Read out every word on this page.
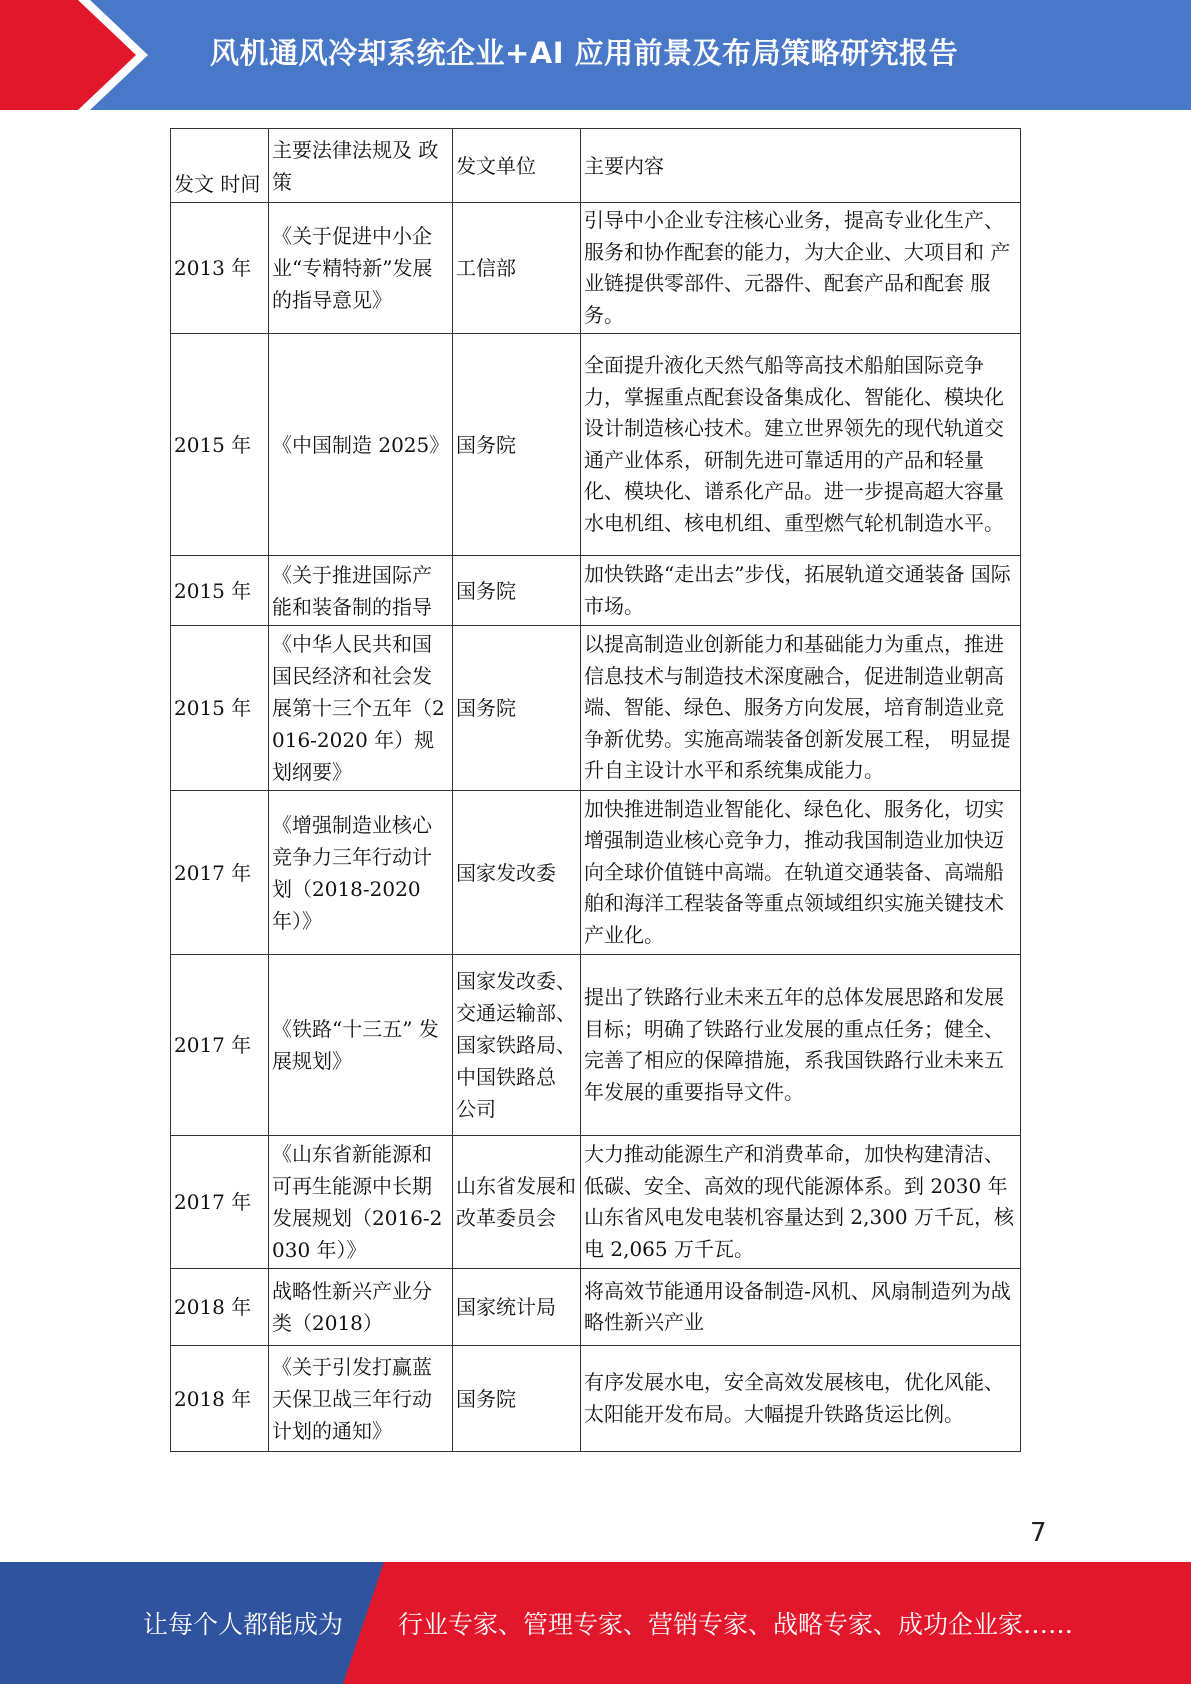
风机通风冷却系统企业+AI 应用前景及布局策略研究报告
发文 时间	主要法律法规及 政策	发文单位	主要内容
2013 年	《关于促进中小企业“专精特新”发展的指导意见》	工信部	引导中小企业专注核心业务，提高专业化生产、 服务和协作配套的能力，为大企业、大项目和 产业链提供零部件、元器件、配套产品和配套 服务。
2015 年	《中国制造 2025》	国务院	全面提升液化天然气船等高技术船舶国际竞争力，掌握重点配套设备集成化、智能化、模块化设计制造核心技术。建立世界领先的现代轨道交通产业体系，研制先进可靠适用的产品和轻量化、模块化、谱系化产品。进一步提高超大容量水电机组、核电机组、重型燃气轮机制造水平。
2015 年	《关于推进国际产能和装备制的指导	国务院	加快铁路“走出去”步伐，拓展轨道交通装备 国际市场。
2015 年	《中华人民共和国国民经济和社会发展第十三个五年（2016-2020 年）规 划纲要》	国务院	以提高制造业创新能力和基础能力为重点，推进信息技术与制造技术深度融合，促进制造业朝高端、智能、绿色、服务方向发展，培育制造业竞争新优势。实施高端装备创新发展工程， 明显提升自主设计水平和系统集成能力。
2017 年	《增强制造业核心竞争力三年行动计划（2018-2020 年）》	国家发改委	加快推进制造业智能化、绿色化、服务化，切实增强制造业核心竞争力，推动我国制造业加快迈向全球价值链中高端。在轨道交通装备、高端船舶和海洋工程装备等重点领域组织实施关键技术产业化。
2017 年	《铁路“十三五” 发展规划》	国家发改委、 交通运输部、 国家铁路局、 中国铁路总 公司	提出了铁路行业未来五年的总体发展思路和发展目标；明确了铁路行业发展的重点任务；健全、完善了相应的保障措施，系我国铁路行业未来五年发展的重要指导文件。
2017 年	《山东省新能源和可再生能源中长期发展规划（2016-2030 年）》	山东省发展和改革委员会	大力推动能源生产和消费革命，加快构建清洁、 低碳、安全、高效的现代能源体系。到 2030 年 山东省风电发电装机容量达到 2,300 万千瓦，核 电 2,065 万千瓦。
2018 年	战略性新兴产业分类（2018）	国家统计局	将高效节能通用设备制造-风机、风扇制造列为战略性新兴产业
2018 年	《关于引发打赢蓝天保卫战三年行动计划的通知》	国务院	有序发展水电，安全高效发展核电，优化风能、 太阳能开发布局。大幅提升铁路货运比例。
7
让每个人都能成为 行业专家、管理专家、营销专家、战略专家、成功企业家……
